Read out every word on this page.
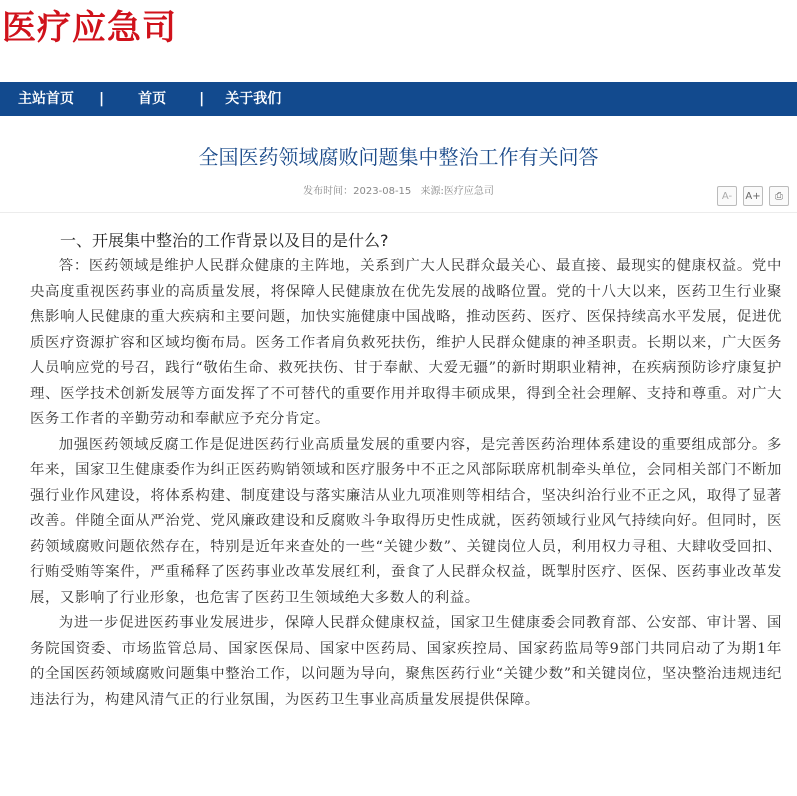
医疗应急司
主站首页 | 首页 | 关于我们
全国医药领域腐败问题集中整治工作有关问答
发布时间：2023-08-15 来源:医疗应急司	A-	A+	⎙

一、开展集中整治的工作背景以及目的是什么?

答：医药领域是维护人民群众健康的主阵地，关系到广大人民群众最关心、最直接、最现实的健康权益。党中央高度重视医药事业的高质量发展，将保障人民健康放在优先发展的战略位置。党的十八大以来，医药卫生行业聚焦影响人民健康的重大疾病和主要问题，加快实施健康中国战略，推动医药、医疗、医保持续高水平发展，促进优质医疗资源扩容和区域均衡布局。医务工作者肩负救死扶伤，维护人民群众健康的神圣职责。长期以来，广大医务人员响应党的号召，践行“敬佑生命、救死扶伤、甘于奉献、大爱无疆”的新时期职业精神，在疾病预防诊疗康复护理、医学技术创新发展等方面发挥了不可替代的重要作用并取得丰硕成果，得到全社会理解、支持和尊重。对广大医务工作者的辛勤劳动和奉献应予充分肯定。

加强医药领域反腐工作是促进医药行业高质量发展的重要内容，是完善医药治理体系建设的重要组成部分。多年来，国家卫生健康委作为纠正医药购销领域和医疗服务中不正之风部际联席机制牵头单位，会同相关部门不断加强行业作风建设，将体系构建、制度建设与落实廉洁从业九项准则等相结合，坚决纠治行业不正之风，取得了显著改善。伴随全面从严治党、党风廉政建设和反腐败斗争取得历史性成就，医药领域行业风气持续向好。但同时，医药领域腐败问题依然存在，特别是近年来查处的一些“关键少数”、关键岗位人员，利用权力寻租、大肆收受回扣、行贿受贿等案件，严重稀释了医药事业改革发展红利，蚕食了人民群众权益，既掣肘医疗、医保、医药事业改革发展，又影响了行业形象，也危害了医药卫生领域绝大多数人的利益。

为进一步促进医药事业发展进步，保障人民群众健康权益，国家卫生健康委会同教育部、公安部、审计署、国务院国资委、市场监管总局、国家医保局、国家中医药局、国家疾控局、国家药监局等9部门共同启动了为期1年的全国医药领域腐败问题集中整治工作，以问题为导向，聚焦医药行业“关键少数”和关键岗位，坚决整治违规违纪违法行为，构建风清气正的行业氛围，为医药卫生事业高质量发展提供保障。
